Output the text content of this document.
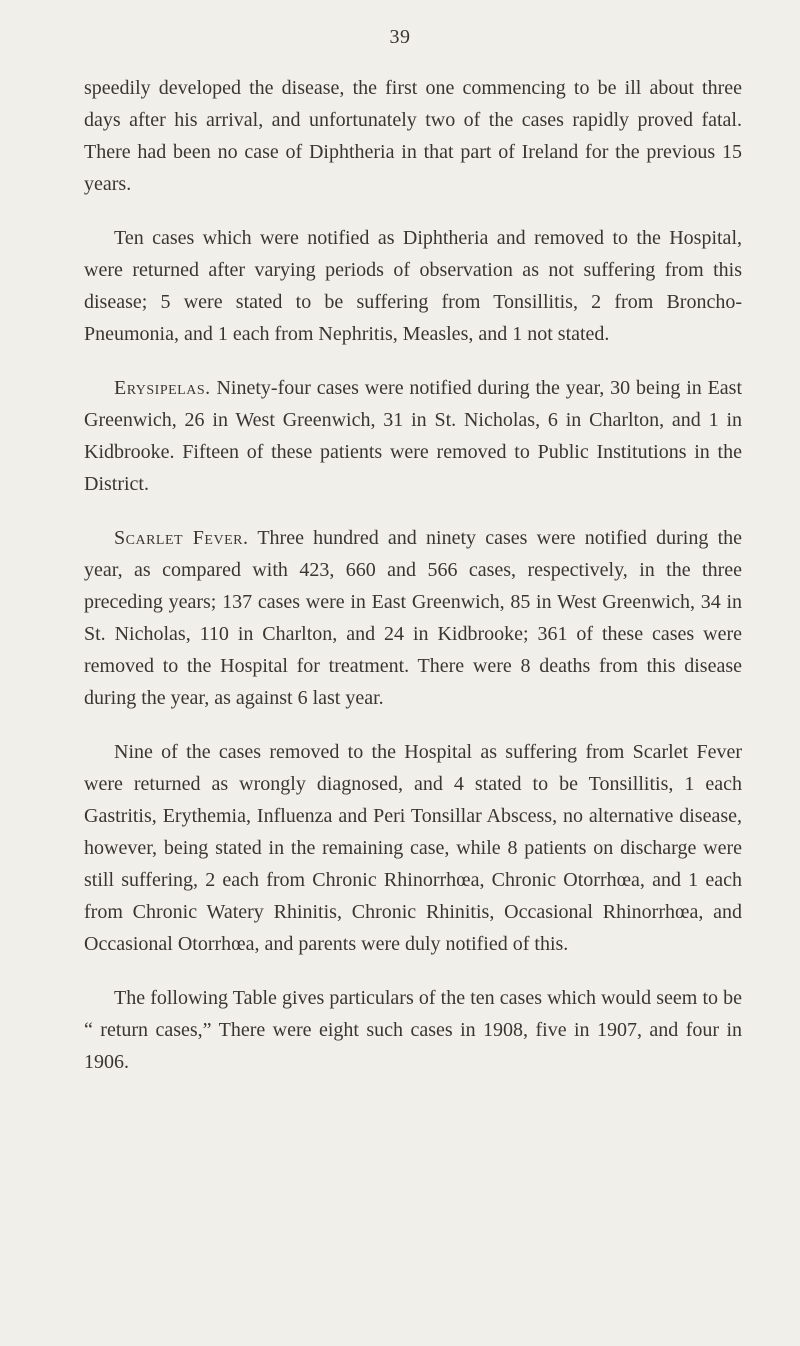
39

speedily developed the disease, the first one commencing to be ill about three days after his arrival, and unfortunately two of the cases rapidly proved fatal. There had been no case of Diphtheria in that part of Ireland for the previous 15 years.

Ten cases which were notified as Diphtheria and removed to the Hospital, were returned after varying periods of observation as not suffering from this disease; 5 were stated to be suffering from Tonsillitis, 2 from Broncho-Pneumonia, and 1 each from Nephritis, Measles, and 1 not stated.

Erysipelas. Ninety-four cases were notified during the year, 30 being in East Greenwich, 26 in West Greenwich, 31 in St. Nicholas, 6 in Charlton, and 1 in Kidbrooke. Fifteen of these patients were removed to Public Institutions in the District.

Scarlet Fever. Three hundred and ninety cases were notified during the year, as compared with 423, 660 and 566 cases, respectively, in the three preceding years; 137 cases were in East Greenwich, 85 in West Greenwich, 34 in St. Nicholas, 110 in Charlton, and 24 in Kidbrooke; 361 of these cases were removed to the Hospital for treatment. There were 8 deaths from this disease during the year, as against 6 last year.

Nine of the cases removed to the Hospital as suffering from Scarlet Fever were returned as wrongly diagnosed, and 4 stated to be Tonsillitis, 1 each Gastritis, Erythemia, Influenza and Peri Tonsillar Abscess, no alternative disease, however, being stated in the remaining case, while 8 patients on discharge were still suffering, 2 each from Chronic Rhinorrhœa, Chronic Otorrhœa, and 1 each from Chronic Watery Rhinitis, Chronic Rhinitis, Occasional Rhinorrhœa, and Occasional Otorrhœa, and parents were duly notified of this.

The following Table gives particulars of the ten cases which would seem to be “ return cases,” There were eight such cases in 1908, five in 1907, and four in 1906.
